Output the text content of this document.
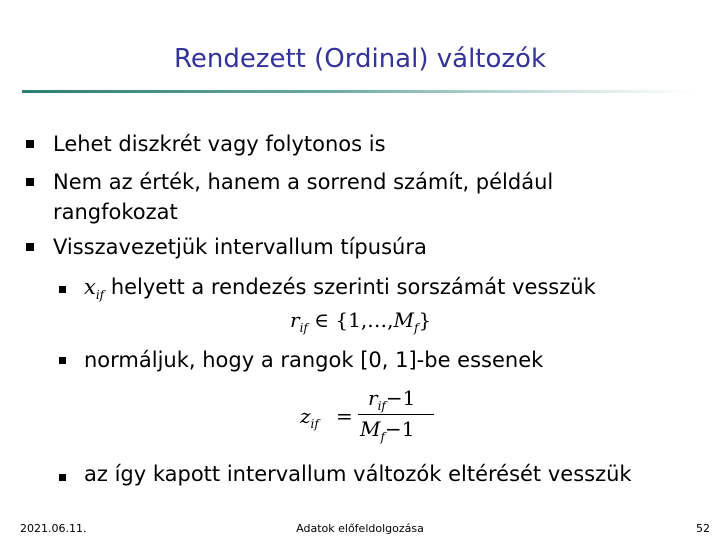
Rendezett (Ordinal) változók
Lehet diszkrét vagy folytonos is
Nem az érték, hanem a sorrend számít, például
rangfokozat
Visszavezetjük intervallum típusúra
$x_{if}$ helyett a rendezés szerinti sorszámát vesszük
$r_{if}$ ∈ $\{1,\dots,M_f\}$
normáljuk, hogy a rangok [0, 1]-be essenek
$z_{if}$ =
$r_{if}-1$
$M_f-1$
az így kapott intervallum változók eltérését vesszük
2021.06.11.	Adatok előfeldolgozása	52
